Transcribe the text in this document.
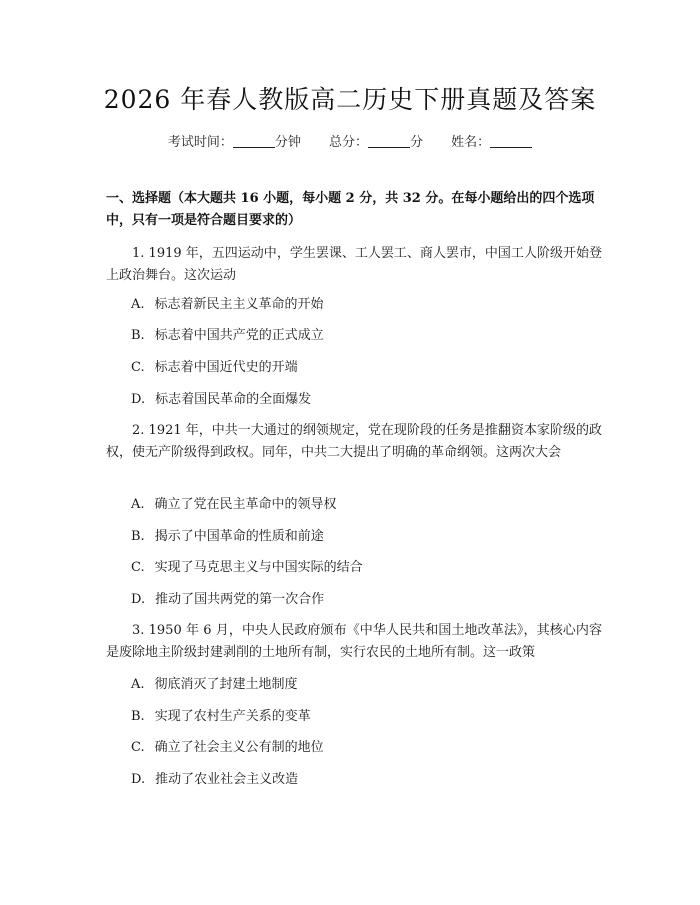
2026 年春人教版高二历史下册真题及答案
考试时间：	分钟 总分：	分 姓名：
一、选择题（本大题共 16 小题，每小题 2 分，共 32 分。在每小题给出的四个选项中，只有一项是符合题目要求的）
1. 1919 年，五四运动中，学生罢课、工人罢工、商人罢市，中国工人阶级开始登上政治舞台。这次运动
A. 标志着新民主主义革命的开始
B. 标志着中国共产党的正式成立
C. 标志着中国近代史的开端
D. 标志着国民革命的全面爆发
2. 1921 年，中共一大通过的纲领规定，党在现阶段的任务是推翻资本家阶级的政权，使无产阶级得到政权。同年，中共二大提出了明确的革命纲领。这两次大会
A. 确立了党在民主革命中的领导权
B. 揭示了中国革命的性质和前途
C. 实现了马克思主义与中国实际的结合
D. 推动了国共两党的第一次合作
3. 1950 年 6 月，中央人民政府颁布《中华人民共和国土地改革法》，其核心内容是废除地主阶级封建剥削的土地所有制，实行农民的土地所有制。这一政策
A. 彻底消灭了封建土地制度
B. 实现了农村生产关系的变革
C. 确立了社会主义公有制的地位
D. 推动了农业社会主义改造
